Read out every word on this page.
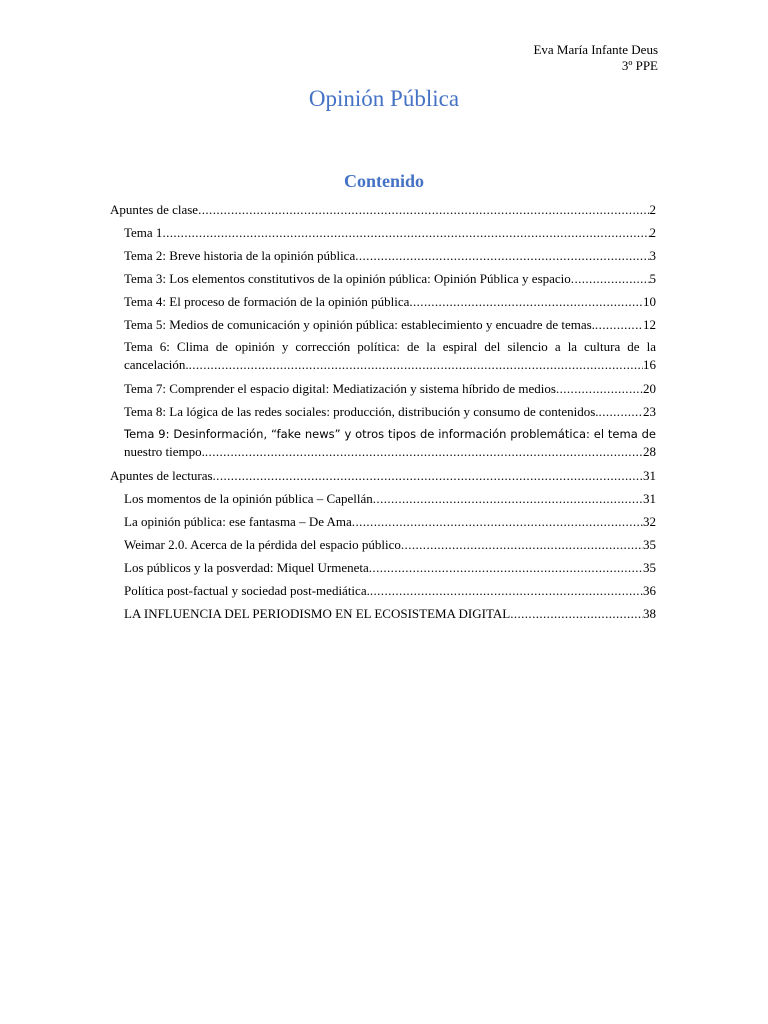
Eva María Infante Deus
3º PPE
Opinión Pública
Contenido
Apuntes de clase .....	2
Tema 1 .....	2
Tema 2: Breve historia de la opinión pública .....	3
Tema 3: Los elementos constitutivos de la opinión pública: Opinión Pública y espacio .....	5
Tema 4: El proceso de formación de la opinión pública .....	10
Tema 5: Medios de comunicación y opinión pública: establecimiento y encuadre de temas. .....	12
Tema 6: Clima de opinión y corrección política: de la espiral del silencio a la cultura de la
cancelación. .....	16
Tema 7: Comprender el espacio digital: Mediatización y sistema híbrido de medios .....	20
Tema 8: La lógica de las redes sociales: producción, distribución y consumo de contenidos. .....	23
Tema 9: Desinformación, “fake news” y otros tipos de información problemática: el tema de
nuestro tiempo. .....	28
Apuntes de lecturas .....	31
Los momentos de la opinión pública – Capellán .....	31
La opinión pública: ese fantasma – De Ama .....	32
Weimar 2.0. Acerca de la pérdida del espacio público .....	35
Los públicos y la posverdad: Miquel Urmeneta .....	35
Política post-factual y sociedad post-mediática. .....	36
LA INFLUENCIA DEL PERIODISMO EN EL ECOSISTEMA DIGITAL .....	38
